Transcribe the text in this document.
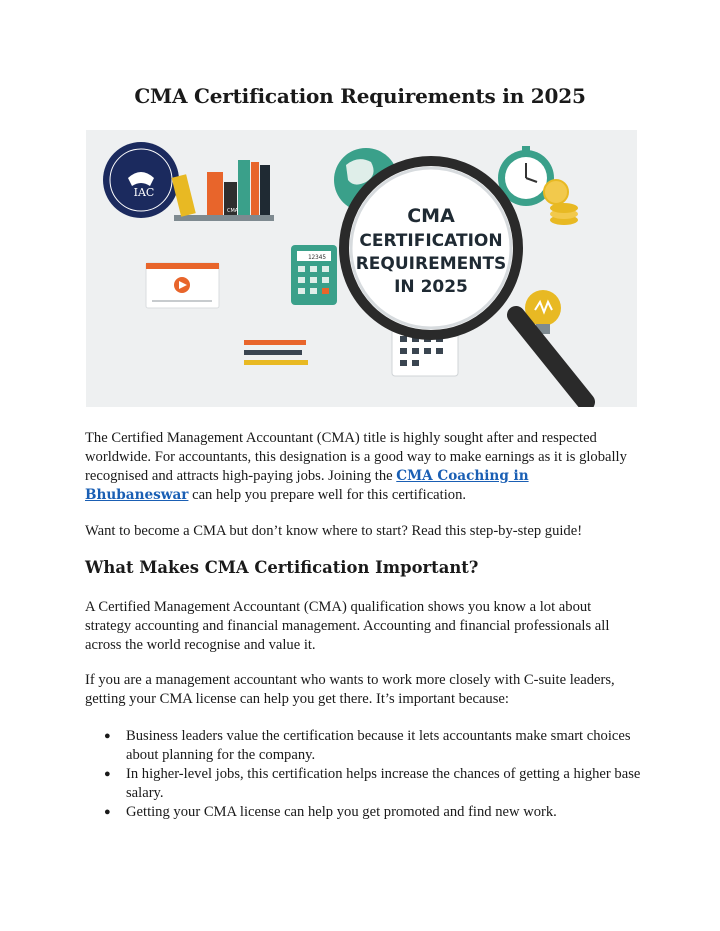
CMA Certification Requirements in 2025
IAC
CMA
12345
CMA
CERTIFICATION
REQUIREMENTS
IN 2025

The Certified Management Accountant (CMA) title is highly sought after and respected worldwide. For accountants, this designation is a good way to make earnings as it is globally recognised and attracts high-paying jobs. Joining the CMA Coaching in Bhubaneswar can help you prepare well for this certification.

Want to become a CMA but don’t know where to start? Read this step-by-step guide!

What Makes CMA Certification Important?

A Certified Management Accountant (CMA) qualification shows you know a lot about strategy accounting and financial management. Accounting and financial professionals all across the world recognise and value it.

If you are a management accountant who wants to work more closely with C-suite leaders, getting your CMA license can help you get there. It’s important because:

● Business leaders value the certification because it lets accountants make smart choices about planning for the company.
● In higher-level jobs, this certification helps increase the chances of getting a higher base salary.
● Getting your CMA license can help you get promoted and find new work.
